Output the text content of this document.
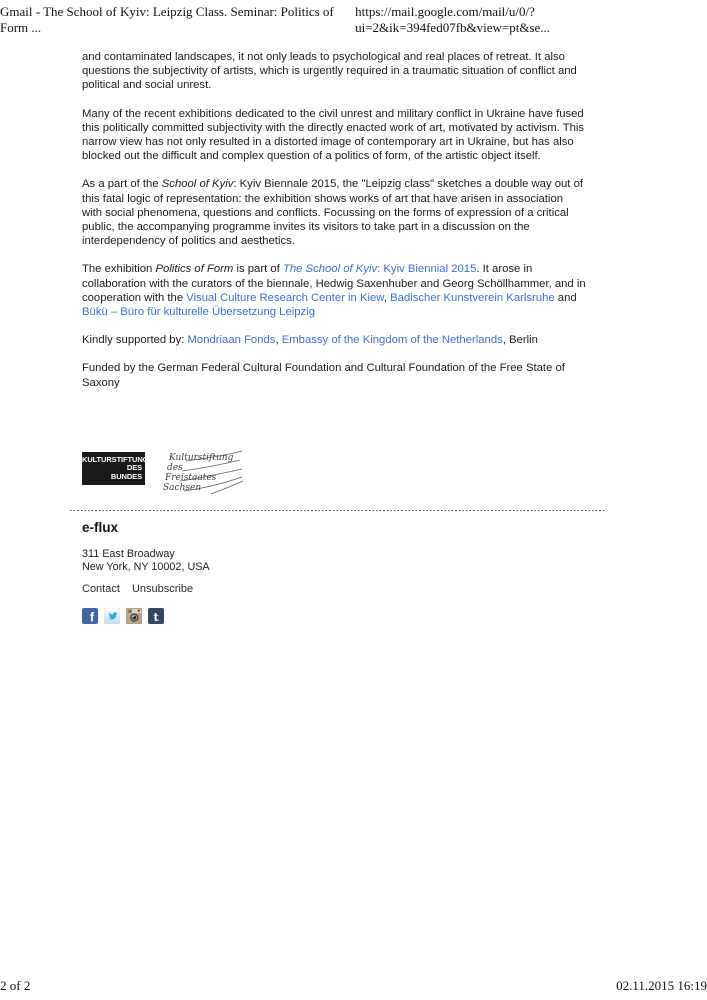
Gmail - The School of Kyiv: Leipzig Class. Seminar: Politics of Form ...
https://mail.google.com/mail/u/0/?ui=2&ik=394fed07fb&view=pt&se...

and contaminated landscapes, it not only leads to psychological and real places of retreat. It also questions the subjectivity of artists, which is urgently required in a traumatic situation of conflict and political and social unrest.

Many of the recent exhibitions dedicated to the civil unrest and military conflict in Ukraine have fused this politically committed subjectivity with the directly enacted work of art, motivated by activism. This narrow view has not only resulted in a distorted image of contemporary art in Ukraine, but has also blocked out the difficult and complex question of a politics of form, of the artistic object itself.

As a part of the School of Kyiv: Kyiv Biennale 2015, the "Leipzig class" sketches a double way out of this fatal logic of representation: the exhibition shows works of art that have arisen in association with social phenomena, questions and conflicts. Focussing on the forms of expression of a critical public, the accompanying programme invites its visitors to take part in a discussion on the interdependency of politics and aesthetics.

The exhibition Politics of Form is part of The School of Kyiv: Kyiv Biennial 2015. It arose in collaboration with the curators of the biennale, Hedwig Saxenhuber and Georg Schöllhammer, and in cooperation with the Visual Culture Research Center in Kiew, Badischer Kunstverein Karlsruhe and Bükü – Büro für kulturelle Übersetzung Leipzig

Kindly supported by: Mondriaan Fonds, Embassy of the Kingdom of the Netherlands, Berlin

Funded by the German Federal Cultural Foundation and Cultural Foundation of the Free State of Saxony

KULTURSTIFTUNG
DES
BUNDES
Kulturstiftung
des
Freistaates
Sachsen
e-flux
311 East Broadway
New York, NY 10002, USA
Contact Unsubscribe
f	t
2 of 2	02.11.2015 16:19
